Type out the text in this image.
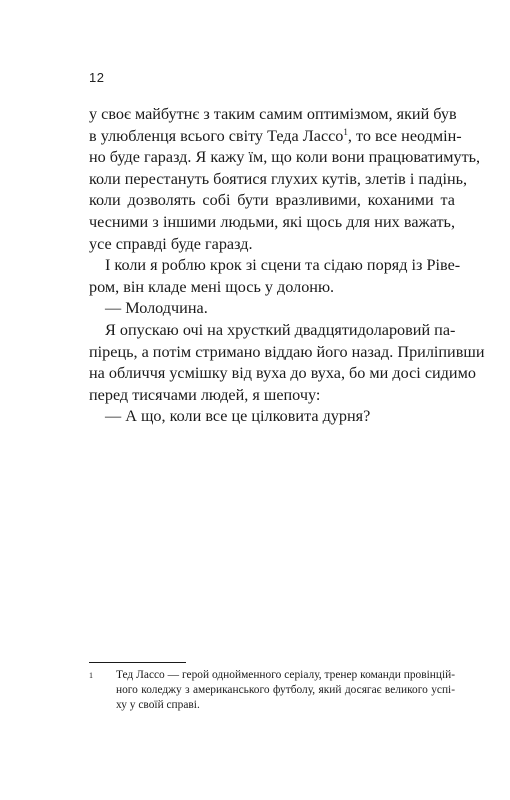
12
у своє майбутнє з таким самим оптимізмом, який був
в улюбленця всього світу Теда Лассо$^1$, то все неодмін-
но буде гаразд. Я кажу їм, що коли вони працюватимуть,
коли перестануть боятися глухих кутів, злетів і падінь,
коли дозволять собі бути вразливими, коханими та
чесними з іншими людьми, які щось для них важать,
усе справді буде гаразд.
І коли я роблю крок зі сцени та сідаю поряд із Рівe-
ром, він кладе мені щось у долоню.
— Молодчина.
Я опускаю очі на хрусткий двадцятидоларовий па-
пірець, а потім стримано віддаю його назад. Приліпивши
на обличчя усмішку від вуха до вуха, бо ми досі сидимо
перед тисячами людей, я шепочу:
— А що, коли все це цілковита дурня?
1 Тед Лассо — герой однойменного серіалу, тренер команди провінцій-
ного коледжу з американського футболу, який досягає великого успі-
ху у своїй справі.
